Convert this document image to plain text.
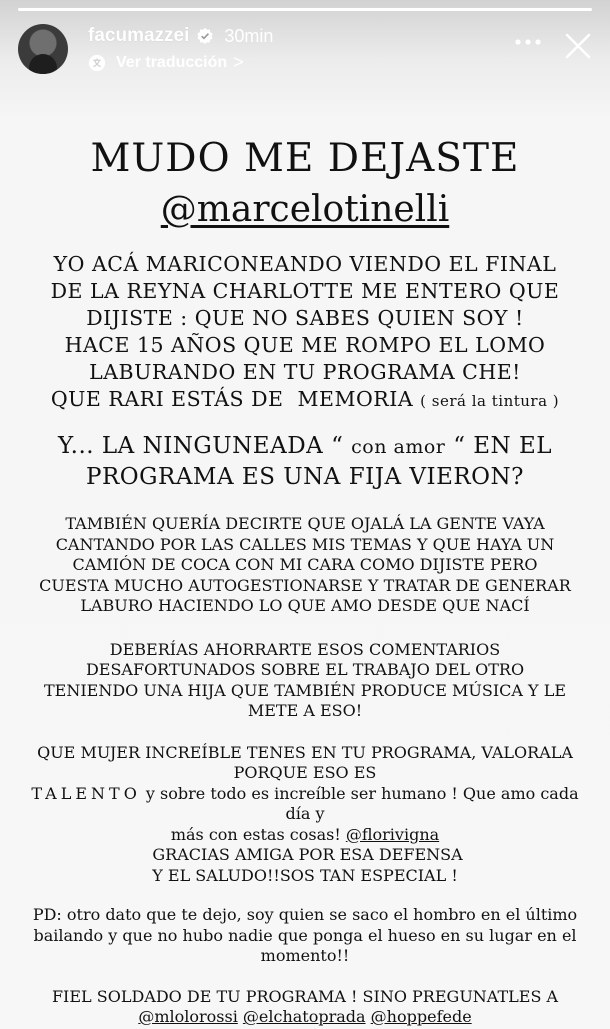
facumazzei 30min
Ver traducción >
MUDO ME DEJASTE
@marcelotinelli
YO ACÁ MARICONEANDO VIENDO EL FINAL
DE LA REYNA CHARLOTTE ME ENTERO QUE
DIJISTE : QUE NO SABES QUIEN SOY !
HACE 15 AÑOS QUE ME ROMPO EL LOMO
LABURANDO EN TU PROGRAMA CHE!
QUE RARI ESTÁS DE  MEMORIA ( será la tintura )
Y... LA NINGUNEADA “ con amor “ EN EL
PROGRAMA ES UNA FIJA VIERON?
TAMBIÉN QUERÍA DECIRTE QUE OJALÁ LA GENTE VAYA
CANTANDO POR LAS CALLES MIS TEMAS Y QUE HAYA UN
CAMIÓN DE COCA CON MI CARA COMO DIJISTE PERO
CUESTA MUCHO AUTOGESTIONARSE Y TRATAR DE GENERAR
LABURO HACIENDO LO QUE AMO DESDE QUE NACÍ
DEBERÍAS AHORRARTE ESOS COMENTARIOS
DESAFORTUNADOS SOBRE EL TRABAJO DEL OTRO
TENIENDO UNA HIJA QUE TAMBIÉN PRODUCE MÚSICA Y LE
METE A ESO!
QUE MUJER INCREÍBLE TENES EN TU PROGRAMA, VALORALA
PORQUE ESO ES
TALENTO y sobre todo es increíble ser humano ! Que amo cada día y
más con estas cosas! @florivigna GRACIAS AMIGA POR ESA DEFENSA
Y EL SALUDO!!SOS TAN ESPECIAL !
PD: otro dato que te dejo, soy quien se saco el hombro en el último
bailando y que no hubo nadie que ponga el hueso en su lugar en el
momento!!
FIEL SOLDADO DE TU PROGRAMA ! SINO PREGUNATLES A
@mlolorossi @elchatoprada @hoppefede
